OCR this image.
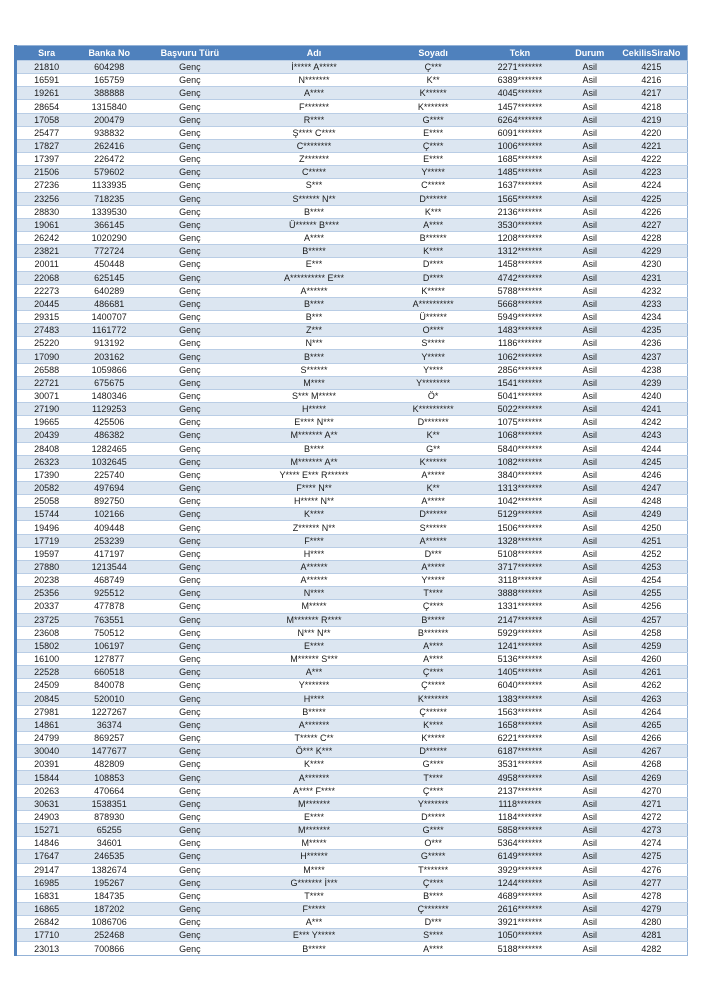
Sıra	Banka No	Başvuru Türü	Adı	Soyadı	Tckn	Durum	CekilisSiraNo
21810	604298	Genç	İ***** A*****	Ç***	2271*******	Asil	4215
16591	165759	Genç	N*******	K**	6389*******	Asil	4216
19261	388888	Genç	A****	K******	4045*******	Asil	4217
28654	1315840	Genç	F*******	K*******	1457*******	Asil	4218
17058	200479	Genç	R****	G****	6264*******	Asil	4219
25477	938832	Genç	Ş**** C****	E****	6091*******	Asil	4220
17827	262416	Genç	C********	Ç****	1006*******	Asil	4221
17397	226472	Genç	Z*******	E****	1685*******	Asil	4222
21506	579602	Genç	C*****	Y*****	1485*******	Asil	4223
27236	1133935	Genç	S***	C*****	1637*******	Asil	4224
23256	718235	Genç	S****** N**	D******	1565*******	Asil	4225
28830	1339530	Genç	B****	K***	2136*******	Asil	4226
19061	366145	Genç	Ü****** B****	A****	3530*******	Asil	4227
26242	1020290	Genç	A****	B******	1208*******	Asil	4228
23821	772724	Genç	B*****	K****	1312*******	Asil	4229
20011	450448	Genç	E***	D****	1458*******	Asil	4230
22068	625145	Genç	A********** E***	D****	4742*******	Asil	4231
22273	640289	Genç	A******	K*****	5788*******	Asil	4232
20445	486681	Genç	B****	A**********	5668*******	Asil	4233
29315	1400707	Genç	B***	Ü******	5949*******	Asil	4234
27483	1161772	Genç	Z***	O****	1483*******	Asil	4235
25220	913192	Genç	N***	S*****	1186*******	Asil	4236
17090	203162	Genç	B****	Y*****	1062*******	Asil	4237
26588	1059866	Genç	S******	Y****	2856*******	Asil	4238
22721	675675	Genç	M****	Y********	1541*******	Asil	4239
30071	1480346	Genç	S*** M*****	Ö*	5041*******	Asil	4240
27190	1129253	Genç	H*****	K**********	5022*******	Asil	4241
19665	425506	Genç	E**** N***	D*******	1075*******	Asil	4242
20439	486382	Genç	M******* A**	K**	1068*******	Asil	4243
28408	1282465	Genç	B****	G**	5840*******	Asil	4244
26323	1032645	Genç	M******* A**	K******	1082*******	Asil	4245
17390	225740	Genç	Y**** E*** R******	A*****	3840*******	Asil	4246
20582	497694	Genç	F**** N**	K**	1313*******	Asil	4247
25058	892750	Genç	H***** N**	A*****	1042*******	Asil	4248
15744	102166	Genç	K****	D******	5129*******	Asil	4249
19496	409448	Genç	Z****** N**	S******	1506*******	Asil	4250
17719	253239	Genç	F****	A******	1328*******	Asil	4251
19597	417197	Genç	H****	D***	5108*******	Asil	4252
27880	1213544	Genç	A******	A*****	3717*******	Asil	4253
20238	468749	Genç	A******	Y*****	3118*******	Asil	4254
25356	925512	Genç	N****	T****	3888*******	Asil	4255
20337	477878	Genç	M*****	Ç****	1331*******	Asil	4256
23725	763551	Genç	M******* R****	B*****	2147*******	Asil	4257
23608	750512	Genç	N*** N**	B*******	5929*******	Asil	4258
15802	106197	Genç	E****	A****	1241*******	Asil	4259
16100	127877	Genç	M****** S***	A****	5136*******	Asil	4260
22528	660518	Genç	A***	Ç****	1405*******	Asil	4261
24509	840078	Genç	Y*******	Ç*****	6040*******	Asil	4262
20845	520010	Genç	H****	K*******	1383*******	Asil	4263
27981	1227267	Genç	B*****	Ç******	1563*******	Asil	4264
14861	36374	Genç	A*******	K****	1658*******	Asil	4265
24799	869257	Genç	T***** C**	K*****	6221*******	Asil	4266
30040	1477677	Genç	Ö*** K***	D******	6187*******	Asil	4267
20391	482809	Genç	K****	G****	3531*******	Asil	4268
15844	108853	Genç	A*******	T****	4958*******	Asil	4269
20263	470664	Genç	A**** F****	Ç****	2137*******	Asil	4270
30631	1538351	Genç	M*******	Y*******	1118*******	Asil	4271
24903	878930	Genç	E****	D*****	1184*******	Asil	4272
15271	65255	Genç	M*******	G****	5858*******	Asil	4273
14846	34601	Genç	M*****	O***	5364*******	Asil	4274
17647	246535	Genç	H******	G*****	6149*******	Asil	4275
29147	1382674	Genç	M****	T*******	3929*******	Asil	4276
16985	195267	Genç	G******* İ***	Ç****	1244*******	Asil	4277
16831	184735	Genç	T****	B****	4689*******	Asil	4278
16865	187202	Genç	F*****	Ç*******	2616*******	Asil	4279
26842	1086706	Genç	A***	D***	3921*******	Asil	4280
17710	252468	Genç	E*** Y*****	S****	1050*******	Asil	4281
23013	700866	Genç	B*****	A****	5188*******	Asil	4282
